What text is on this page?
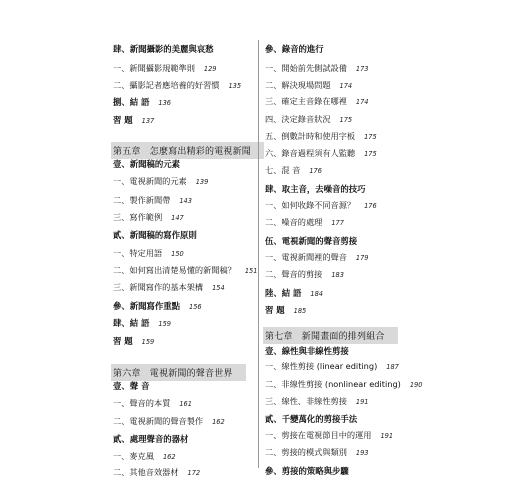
肆、新聞攝影的美麗與哀愁
一、新聞攝影規範準則 129
二、攝影記者應培養的好習慣 135
捌、結 語 136
習 題 137
第五章　怎麼寫出精彩的電視新聞
壹、新聞稿的元素
一、電視新聞的元素 139
二、製作新聞帶 143
三、寫作範例 147
貳、新聞稿的寫作原則
一、特定用語 150
二、如何寫出清楚易懂的新聞稿？ 151
三、新聞寫作的基本架構 154
參、新聞寫作重點 156
肆、結 語 159
習 題 159
第六章　電視新聞的聲音世界
壹、聲 音
一、聲音的本質 161
二、電視新聞的聲音製作 162
貳、處理聲音的器材
一、麥克風 162
二、其他音效器材 172
參、錄音的進行
一、開始前先側試設備 173
二、解決現場問題 174
三、確定主音錄在哪裡 174
四、決定錄音狀況 175
五、倒數計時和使用字板 175
六、錄音過程須有人監聽 175
七、混 音 176
肆、取主音，去噪音的技巧
一、如何收錄不同音源？ 176
二、噪音的處理 177
伍、電視新聞的聲音剪接
一、電視新聞裡的聲音 179
二、聲音的剪接 183
陸、結 語 184
習 題 185
第七章　新聞畫面的排列組合
壹、線性與非線性剪接
一、線性剪接 (linear editing) 187
二、非線性剪接 (nonlinear editing) 190
三、線性、非線性剪接 191
貳、千變萬化的剪接手法
一、剪接在電視節目中的運用 191
二、剪接的模式與類別 193
參、剪接的策略與步驟
